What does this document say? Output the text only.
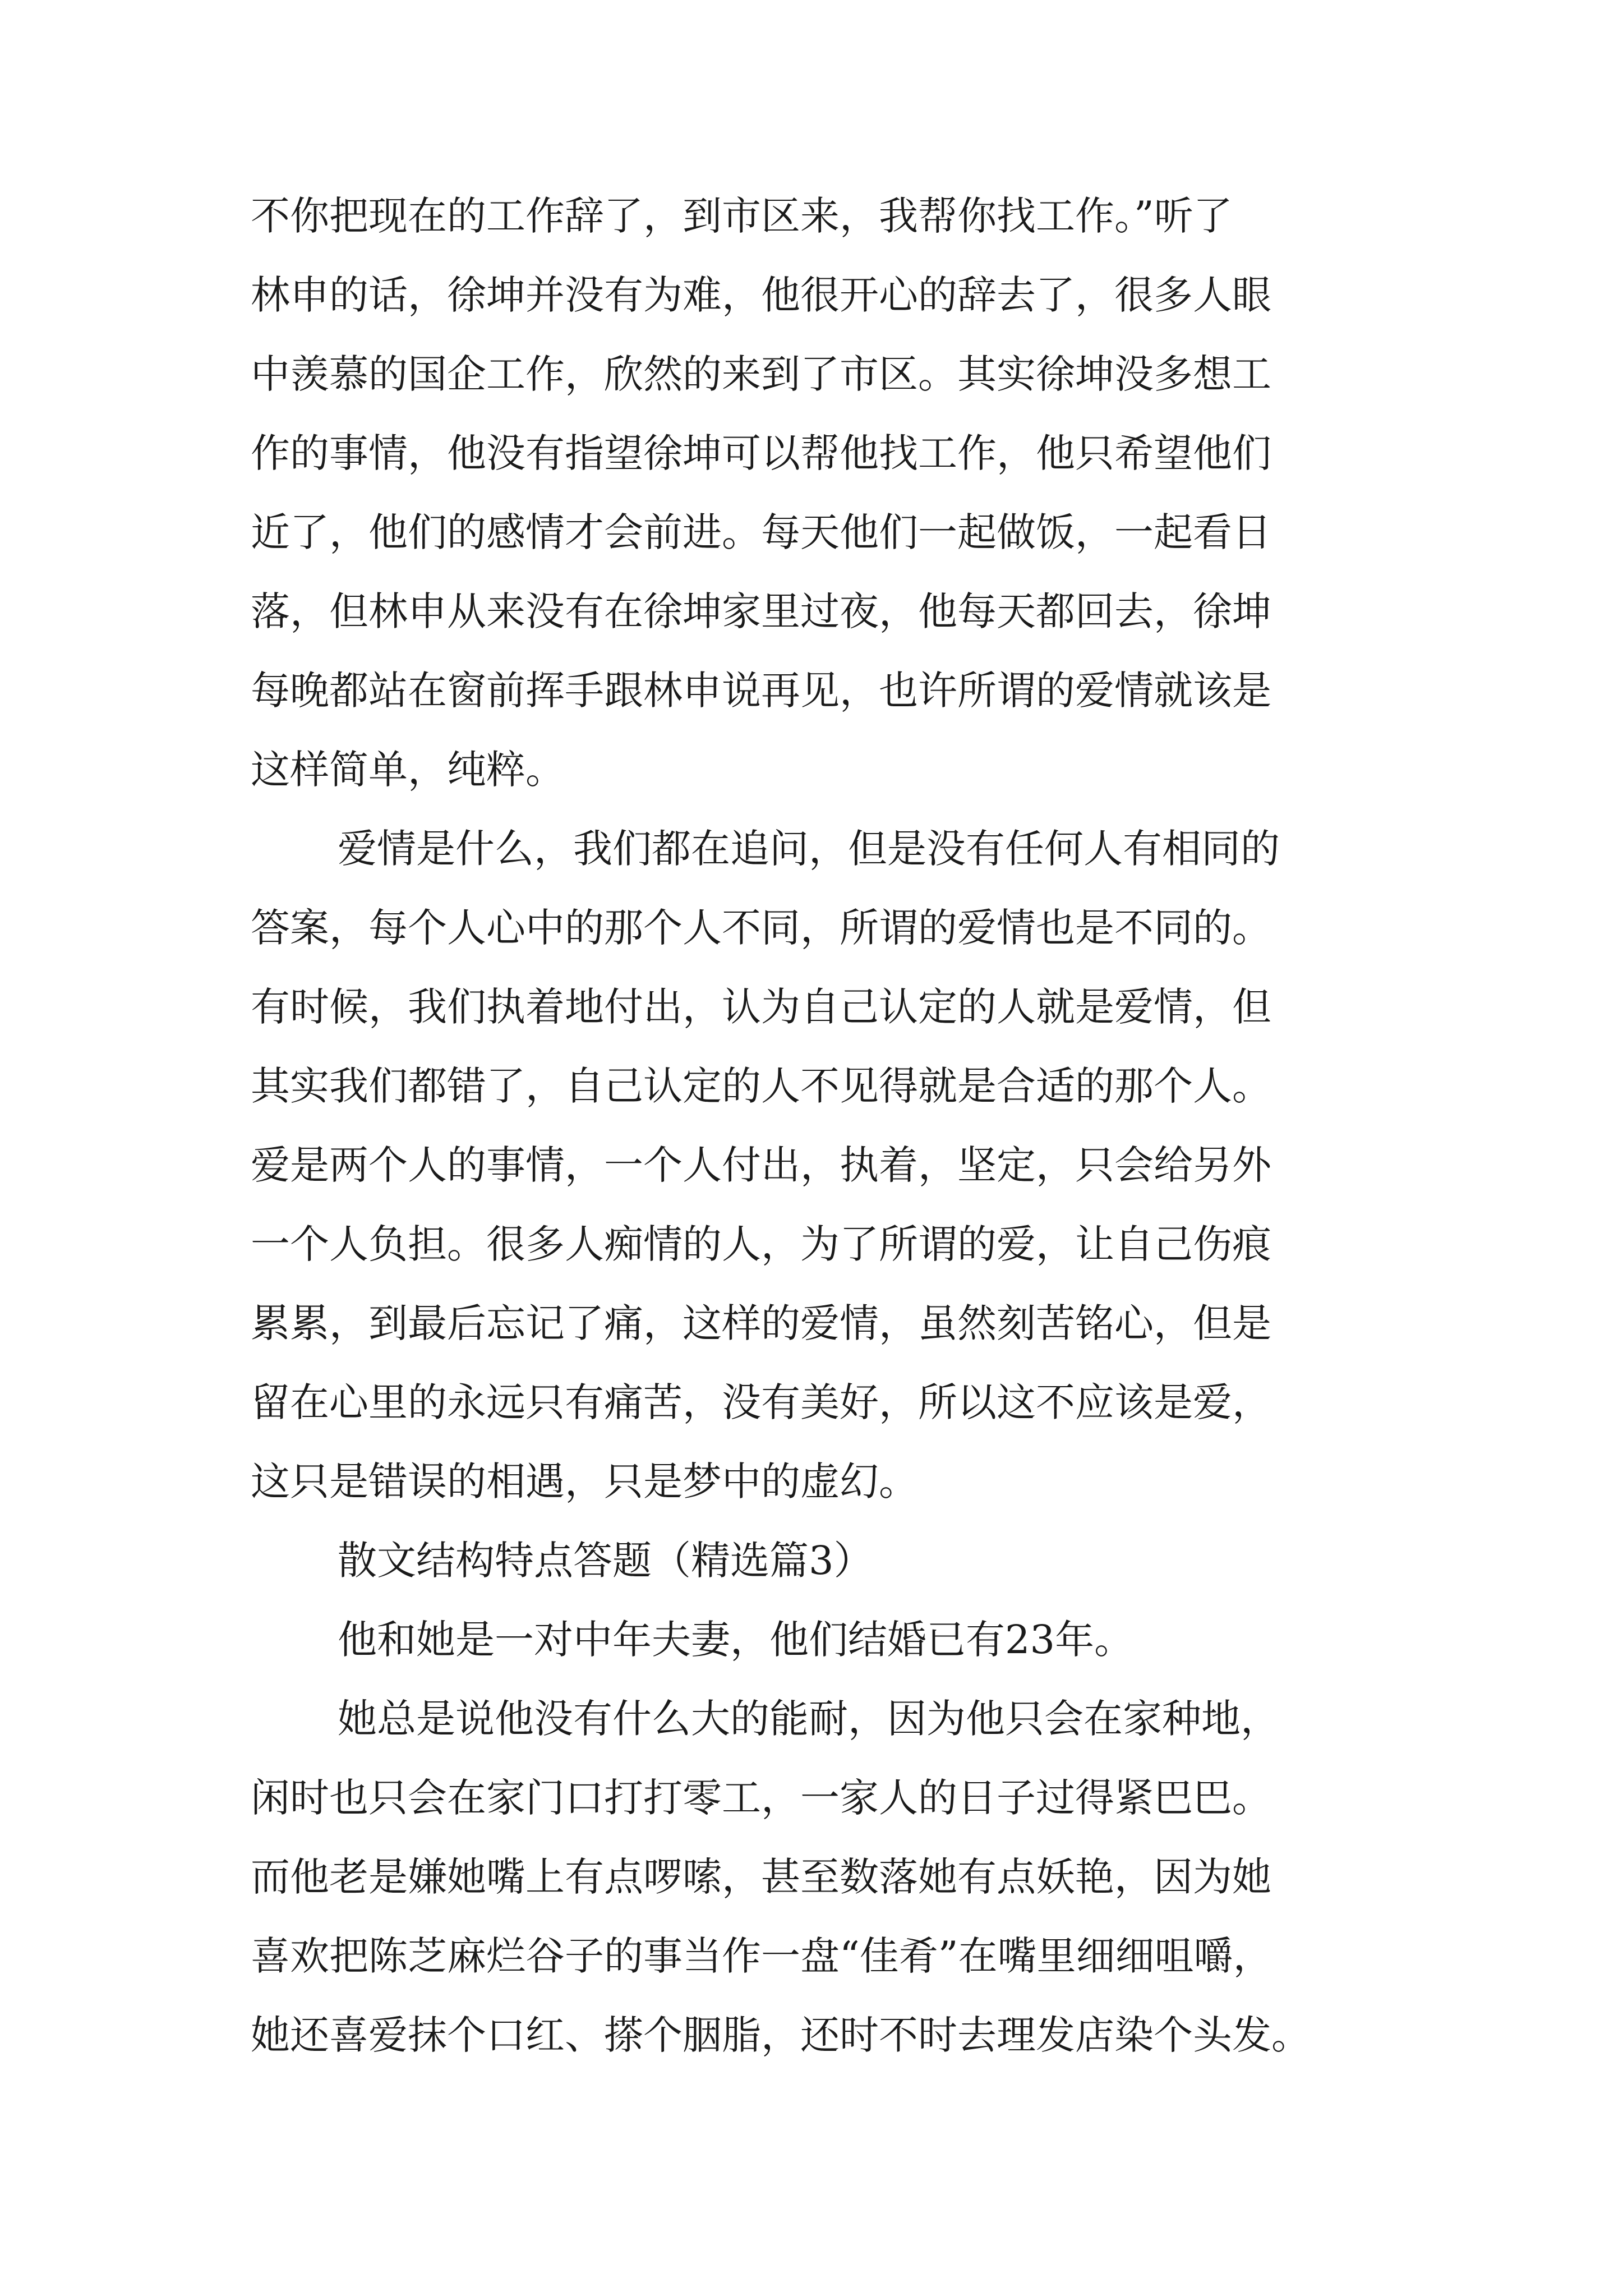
不你把现在的工作辞了，到市区来，我帮你找工作。”听了
林申的话，徐坤并没有为难，他很开心的辞去了，很多人眼
中羡慕的国企工作，欣然的来到了市区。其实徐坤没多想工
作的事情，他没有指望徐坤可以帮他找工作，他只希望他们
近了，他们的感情才会前进。每天他们一起做饭，一起看日
落，但林申从来没有在徐坤家里过夜，他每天都回去，徐坤
每晚都站在窗前挥手跟林申说再见，也许所谓的爱情就该是
这样简单，纯粹。
爱情是什么，我们都在追问，但是没有任何人有相同的
答案，每个人心中的那个人不同，所谓的爱情也是不同的。
有时候，我们执着地付出，认为自己认定的人就是爱情，但
其实我们都错了，自己认定的人不见得就是合适的那个人。
爱是两个人的事情，一个人付出，执着，坚定，只会给另外
一个人负担。很多人痴情的人，为了所谓的爱，让自己伤痕
累累，到最后忘记了痛，这样的爱情，虽然刻苦铭心，但是
留在心里的永远只有痛苦，没有美好，所以这不应该是爱，
这只是错误的相遇，只是梦中的虚幻。
散文结构特点答题（精选篇3）
他和她是一对中年夫妻，他们结婚已有23年。
她总是说他没有什么大的能耐，因为他只会在家种地，
闲时也只会在家门口打打零工，一家人的日子过得紧巴巴。
而他老是嫌她嘴上有点啰嗦，甚至数落她有点妖艳，因为她
喜欢把陈芝麻烂谷子的事当作一盘“佳肴”在嘴里细细咀嚼，
她还喜爱抹个口红、搽个胭脂，还时不时去理发店染个头发。
